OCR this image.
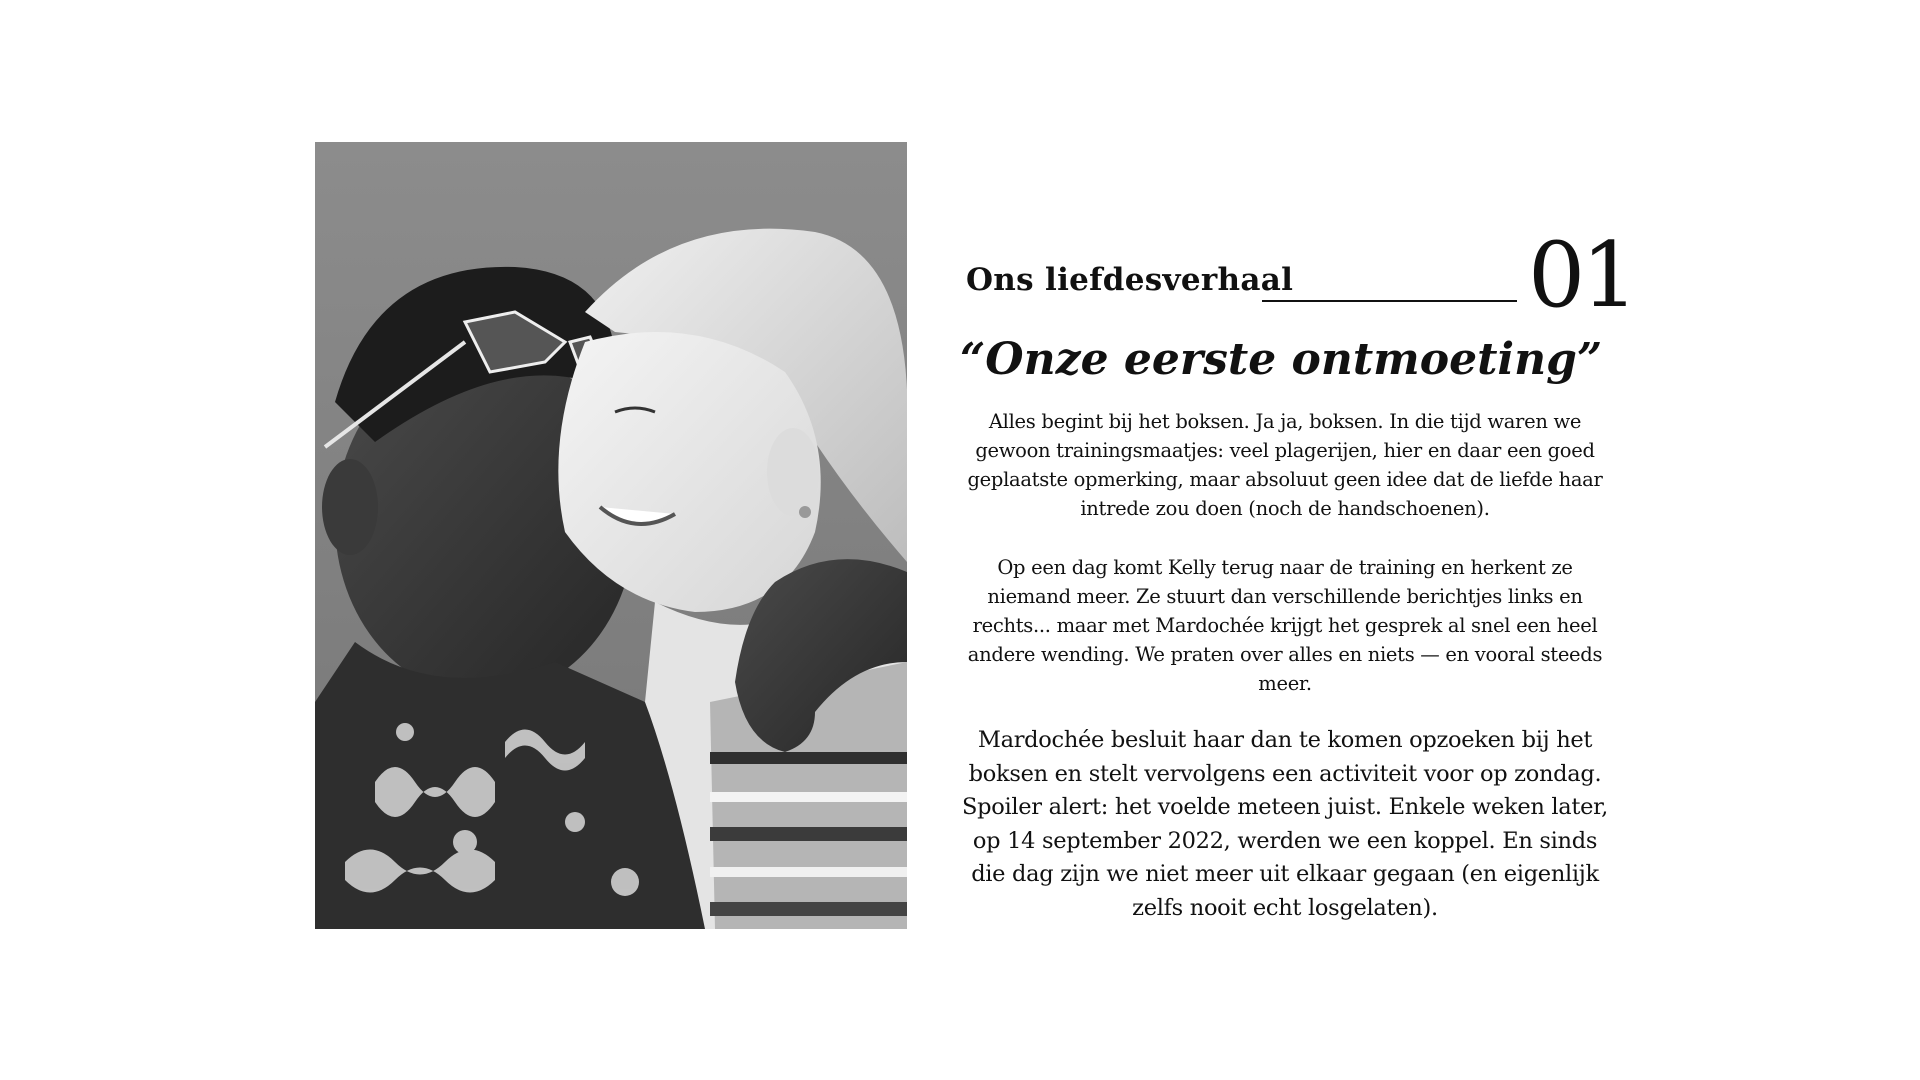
Ons liefdesverhaal	01
“Onze eerste ontmoeting”

Alles begint bij het boksen. Ja ja, boksen. In die tijd waren we gewoon trainingsmaatjes: veel plagerijen, hier en daar een goed geplaatste opmerking, maar absoluut geen idee dat de liefde haar intrede zou doen (noch de handschoenen).

Op een dag komt Kelly terug naar de training en herkent ze niemand meer. Ze stuurt dan verschillende berichtjes links en rechts... maar met Mardochée krijgt het gesprek al snel een heel andere wending. We praten over alles en niets — en vooral steeds meer.

Mardochée besluit haar dan te komen opzoeken bij het boksen en stelt vervolgens een activiteit voor op zondag. Spoiler alert: het voelde meteen juist. Enkele weken later, op 14 september 2022, werden we een koppel. En sinds die dag zijn we niet meer uit elkaar gegaan (en eigenlijk zelfs nooit echt losgelaten).
